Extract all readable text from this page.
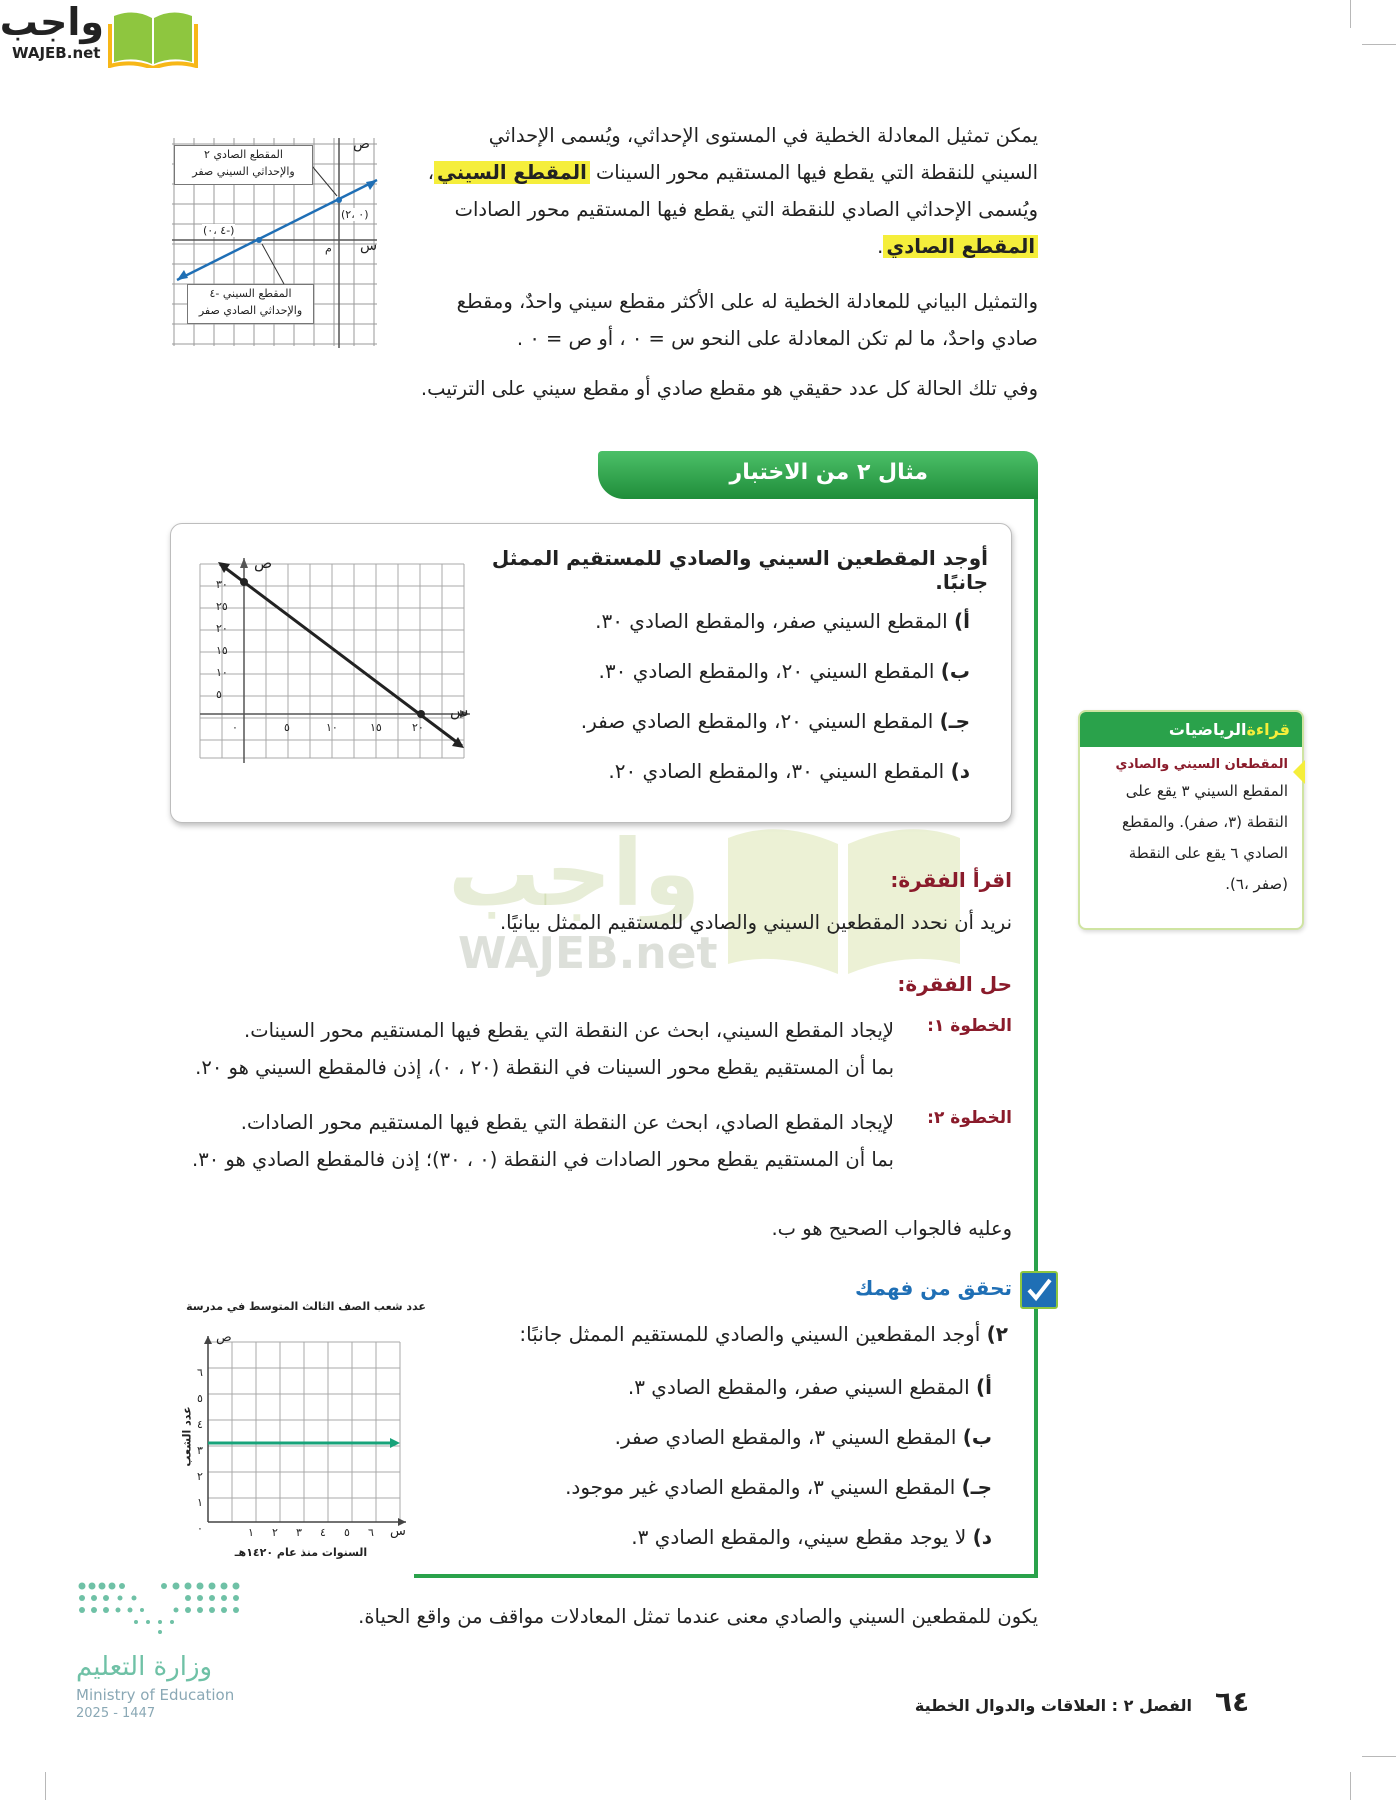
واجب
WAJEB.net
يمكن تمثيل المعادلة الخطية في المستوى الإحداثي، ويُسمى الإحداثي
السيني للنقطة التي يقطع فيها المستقيم محور السينات المقطع السيني،
ويُسمى الإحداثي الصادي للنقطة التي يقطع فيها المستقيم محور الصادات
المقطع الصادي.
والتمثيل البياني للمعادلة الخطية له على الأكثر مقطع سيني واحدٌ، ومقطع
صادي واحدٌ، ما لم تكن المعادلة على النحو س = ٠ ، أو ص = ٠ .
وفي تلك الحالة كل عدد حقيقي هو مقطع صادي أو مقطع سيني على الترتيب.
المقطع الصادي ٢
والإحداثي السيني صفر
المقطع السيني -٤
والإحداثي الصادي صفر
(٠ ،٢)
(-٤ ،٠)
ص
س
م
مثال ٢ من الاختبار
أوجد المقطعين السيني والصادي للمستقيم الممثل جانبًا.
أ) المقطع السيني صفر، والمقطع الصادي ٣٠.
ب) المقطع السيني ٢٠، والمقطع الصادي ٣٠.
جـ) المقطع السيني ٢٠، والمقطع الصادي صفر.
د) المقطع السيني ٣٠، والمقطع الصادي ٢٠.
٣٠
٢٥
٢٠
١٥
١٠
٥
٠	٥	١٠	١٥	٢٠
س
ص
قراءةالرياضيات
المقطعان السيني والصادي
المقطع السيني ٣ يقع على
النقطة (٣، صفر). والمقطع
الصادي ٦ يقع على النقطة
(صفر ،٦).
واجب
WAJEB.net
اقرأ الفقرة:
نريد أن نحدد المقطعين السيني والصادي للمستقيم الممثل بيانيًا.
حل الفقرة:
الخطوة ١:
لإيجاد المقطع السيني، ابحث عن النقطة التي يقطع فيها المستقيم محور السينات.
بما أن المستقيم يقطع محور السينات في النقطة (٢٠ ، ٠)، إذن فالمقطع السيني هو ٢٠.
الخطوة ٢:
لإيجاد المقطع الصادي، ابحث عن النقطة التي يقطع فيها المستقيم محور الصادات.
بما أن المستقيم يقطع محور الصادات في النقطة (٠ ، ٣٠)؛ إذن فالمقطع الصادي هو ٣٠.
وعليه فالجواب الصحيح هو ب.
تحقق من فهمك
٢) أوجد المقطعين السيني والصادي للمستقيم الممثل جانبًا:
أ) المقطع السيني صفر، والمقطع الصادي ٣.
ب) المقطع السيني ٣، والمقطع الصادي صفر.
جـ) المقطع السيني ٣، والمقطع الصادي غير موجود.
د) لا يوجد مقطع سيني، والمقطع الصادي ٣.
عدد شعب الصف الثالث المتوسط في مدرسة
ص
٦
٥
٤
٣
٢
١
٠
عدد الشعب
١ ٢ ٣ ٤ ٥ ٦ س
السنوات منذ عام ١٤٢٠هـ
يكون للمقطعين السيني والصادي معنى عندما تمثل المعادلات مواقف من واقع الحياة.
وزارة التعليم
Ministry of Education
2025 - 1447	٦٤
الفصل ٢ : العلاقات والدوال الخطية
